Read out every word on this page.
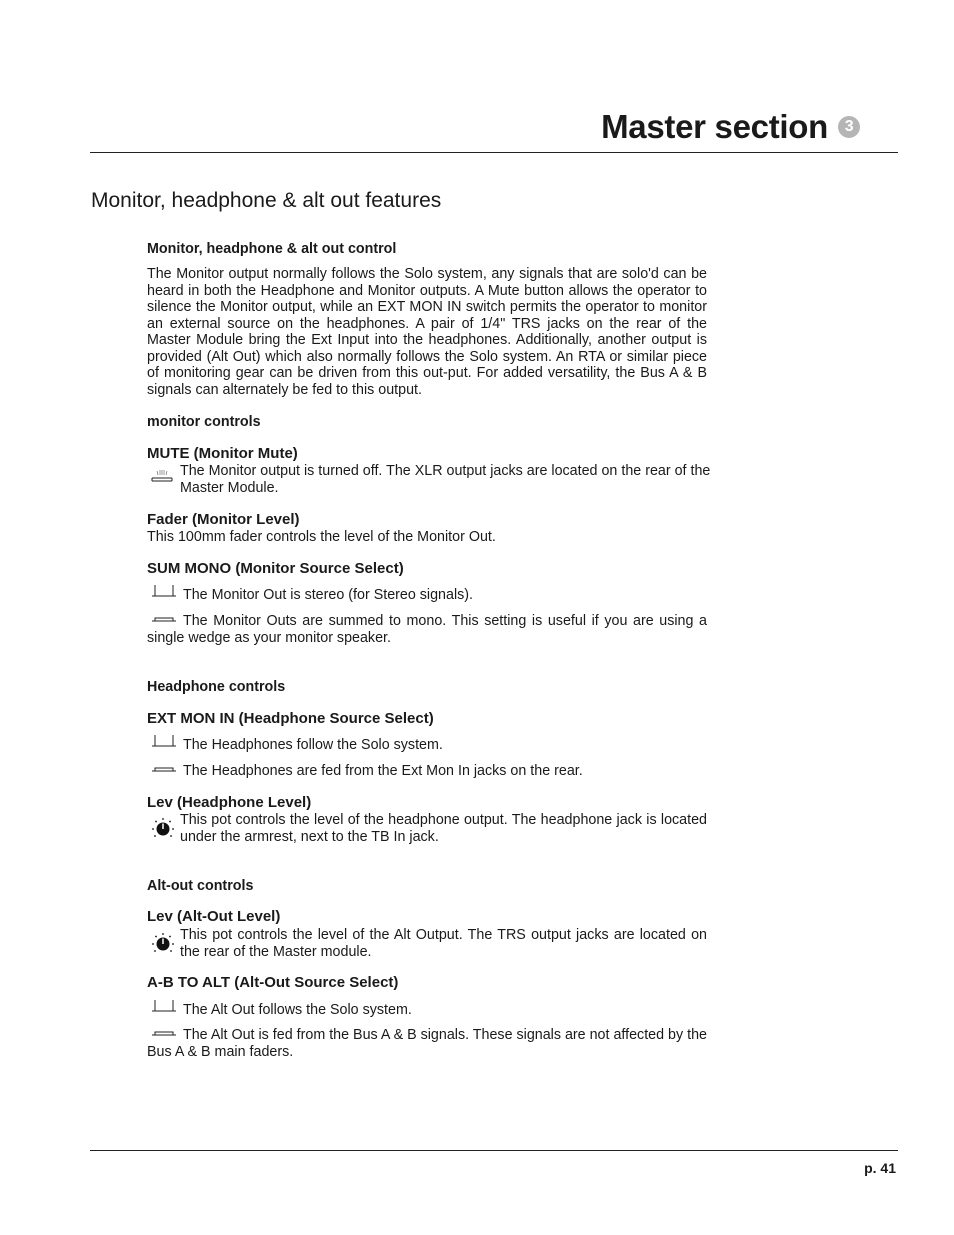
Master section	3
Monitor, headphone & alt out features
Monitor, headphone & alt out control
The Monitor output normally follows the Solo system, any signals that are solo'd can be heard in both the Headphone and Monitor outputs. A Mute button allows the operator to silence the Monitor output, while an EXT MON IN switch permits the operator to monitor an external source on the headphones. A pair of 1/4" TRS jacks on the rear of the Master Module bring the Ext Input into the headphones. Additionally, another output is provided (Alt Out) which also normally follows the Solo system. An RTA or similar piece of monitoring gear can be driven from this out-put. For added versatility, the Bus A & B signals can alternately be fed to this output.
monitor controls
MUTE (Monitor Mute)
The Monitor output is turned off. The XLR output jacks are located on the rear of the Master Module.
Fader (Monitor Level)
This 100mm fader controls the level of the Monitor Out.
SUM MONO (Monitor Source Select)
The Monitor Out is stereo (for Stereo signals).
The Monitor Outs are summed to mono. This setting is useful if you are using a single wedge as your monitor speaker.
Headphone controls
EXT MON IN (Headphone Source Select)
The Headphones follow the Solo system.
The Headphones are fed from the Ext Mon In jacks on the rear.
Lev (Headphone Level)
This pot controls the level of the headphone output. The headphone jack is located under the armrest, next to the TB In jack.
Alt-out controls
Lev (Alt-Out Level)
This pot controls the level of the Alt Output. The TRS output jacks are located on the rear of the Master module.
A-B TO ALT (Alt-Out Source Select)
The Alt Out follows the Solo system.
The Alt Out is fed from the Bus A & B signals. These signals are not affected by the Bus A & B main faders.
p. 41
